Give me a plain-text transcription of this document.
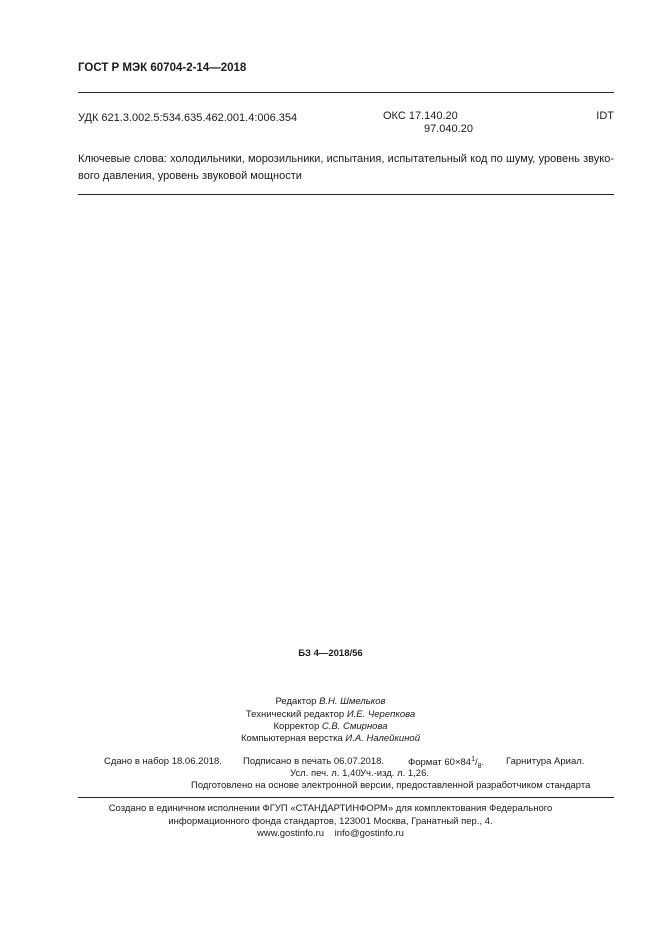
ГОСТ Р МЭК 60704-2-14—2018
УДК 621.3.002.5:534.635.462.001.4:006.354	ОКС 17.140.20
97.040.20
IDT
Ключевые слова: холодильники, морозильники, испытания, испытательный код по шуму, уровень звуко-
вого давления, уровень звуковой мощности
БЗ 4—2018/56
Редактор В.Н. Шмельков
Технический редактор И.Е. Черепкова
Корректор С.В. Смирнова
Компьютерная верстка И.А. Налейкиной
Сдано в набор 18.06.2018. Подписано в печать 06.07.2018.	Формат $60\times 84^1/_8$. Гарнитура Ариал.
Усл. печ. л. 1,40.
Уч.-изд. л. 1,26.
Подготовлено на основе электронной версии, предоставленной разработчиком стандарта
Создано в единичном исполнении ФГУП «СТАНДАРТИНФОРМ» для комплектования Федерального
информационного фонда стандартов, 123001 Москва, Гранатный пер., 4.
www.gostinfo.ru info@gostinfo.ru
